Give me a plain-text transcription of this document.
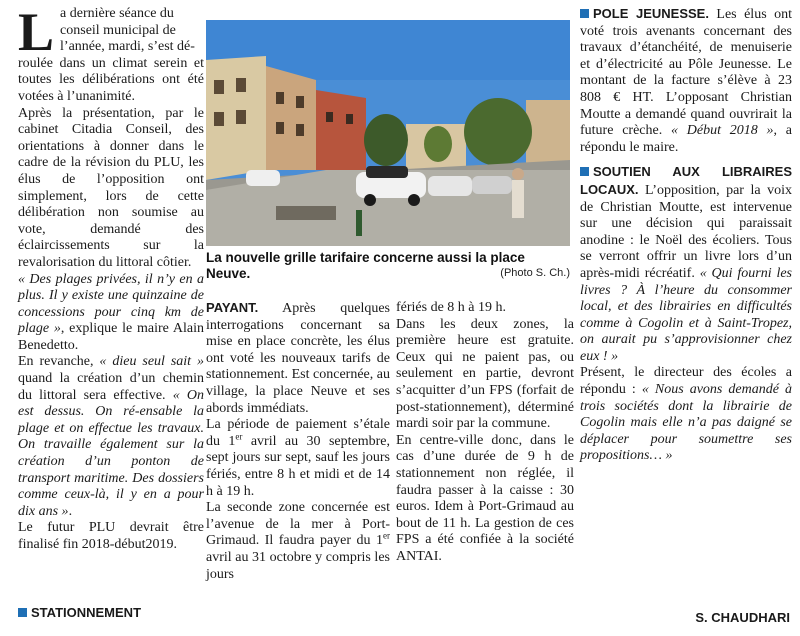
L a dernière séance du
conseil municipal de
l’année, mardi, s’est dé-
roulée dans un climat serein et toutes les délibérations ont été votées à l’unanimité.

Après la présentation, par le cabinet Citadia Conseil, des orientations à donner dans le cadre de la révision du PLU, les élus de l’opposition ont simplement, lors de cette délibération non soumise au vote, demandé des éclaircissements sur la revalorisation du littoral côtier.

« Des plages privées, il n’y en a plus. Il y existe une quinzaine de concessions pour cinq km de plage », explique le maire Alain Benedetto.

En revanche, « dieu seul sait » quand la création d’un chemin du littoral sera effective. « On est dessus. On ré-ensable la plage et on effectue les travaux. On travaille également sur la création d’un ponton de transport maritime. Des dossiers comme ceux-là, il y en a pour dix ans ».

Le futur PLU devrait être finalisé fin 2018-début2019.

STATIONNEMENT
La nouvelle grille tarifaire concerne aussi la place Neuve.	(Photo S. Ch.)

PAYANT. Après quelques interrogations concernant sa mise en place concrète, les élus ont voté les nouveaux tarifs de stationnement. Est concernée, au village, la place Neuve et ses abords immédiats.

La période de paiement s’étale du 1er avril au 30 septembre, sept jours sur sept, sauf les jours fériés, entre 8 h et midi et de 14 h à 19 h.

La seconde zone concernée est l’avenue de la mer à Port-Grimaud. Il faudra payer du 1er avril au 31 octobre y compris les jours

fériés de 8 h à 19 h.

Dans les deux zones, la première heure est gratuite. Ceux qui ne paient pas, ou seulement en partie, devront s’acquitter d’un FPS (forfait de post-stationnement), déterminé mardi soir par la commune.

En centre-ville donc, dans le cas d’une durée de 9 h de stationnement non réglée, il faudra passer à la caisse : 30 euros. Idem à Port-Grimaud au bout de 11 h. La gestion de ces FPS a été confiée à la société ANTAI.

POLE JEUNESSE. Les élus ont voté trois avenants concernant des travaux d’étanchéité, de menuiserie et d’électricité au Pôle Jeunesse. Le montant de la facture s’élève à 23 808 € HT. L’opposant Christian Moutte a demandé quand ouvrirait la future crèche. « Début 2018 », a répondu le maire.

SOUTIEN AUX LIBRAIRES LOCAUX. L’opposition, par la voix de Christian Moutte, est intervenue sur une décision qui paraissait anodine : le Noël des écoliers. Tous se verront offrir un livre lors d’un après-midi récréatif. « Qui fourni les livres ? À l’heure du consommer local, et des librairies en difficultés comme à Cogolin et à Saint-Tropez, on aurait pu s’approvisionner chez eux ! »

Présent, le directeur des écoles a répondu : « Nous avons demandé à trois sociétés dont la librairie de Cogolin mais elle n’a pas daigné se déplacer pour soumettre ses propositions… »

S. CHAUDHARI
